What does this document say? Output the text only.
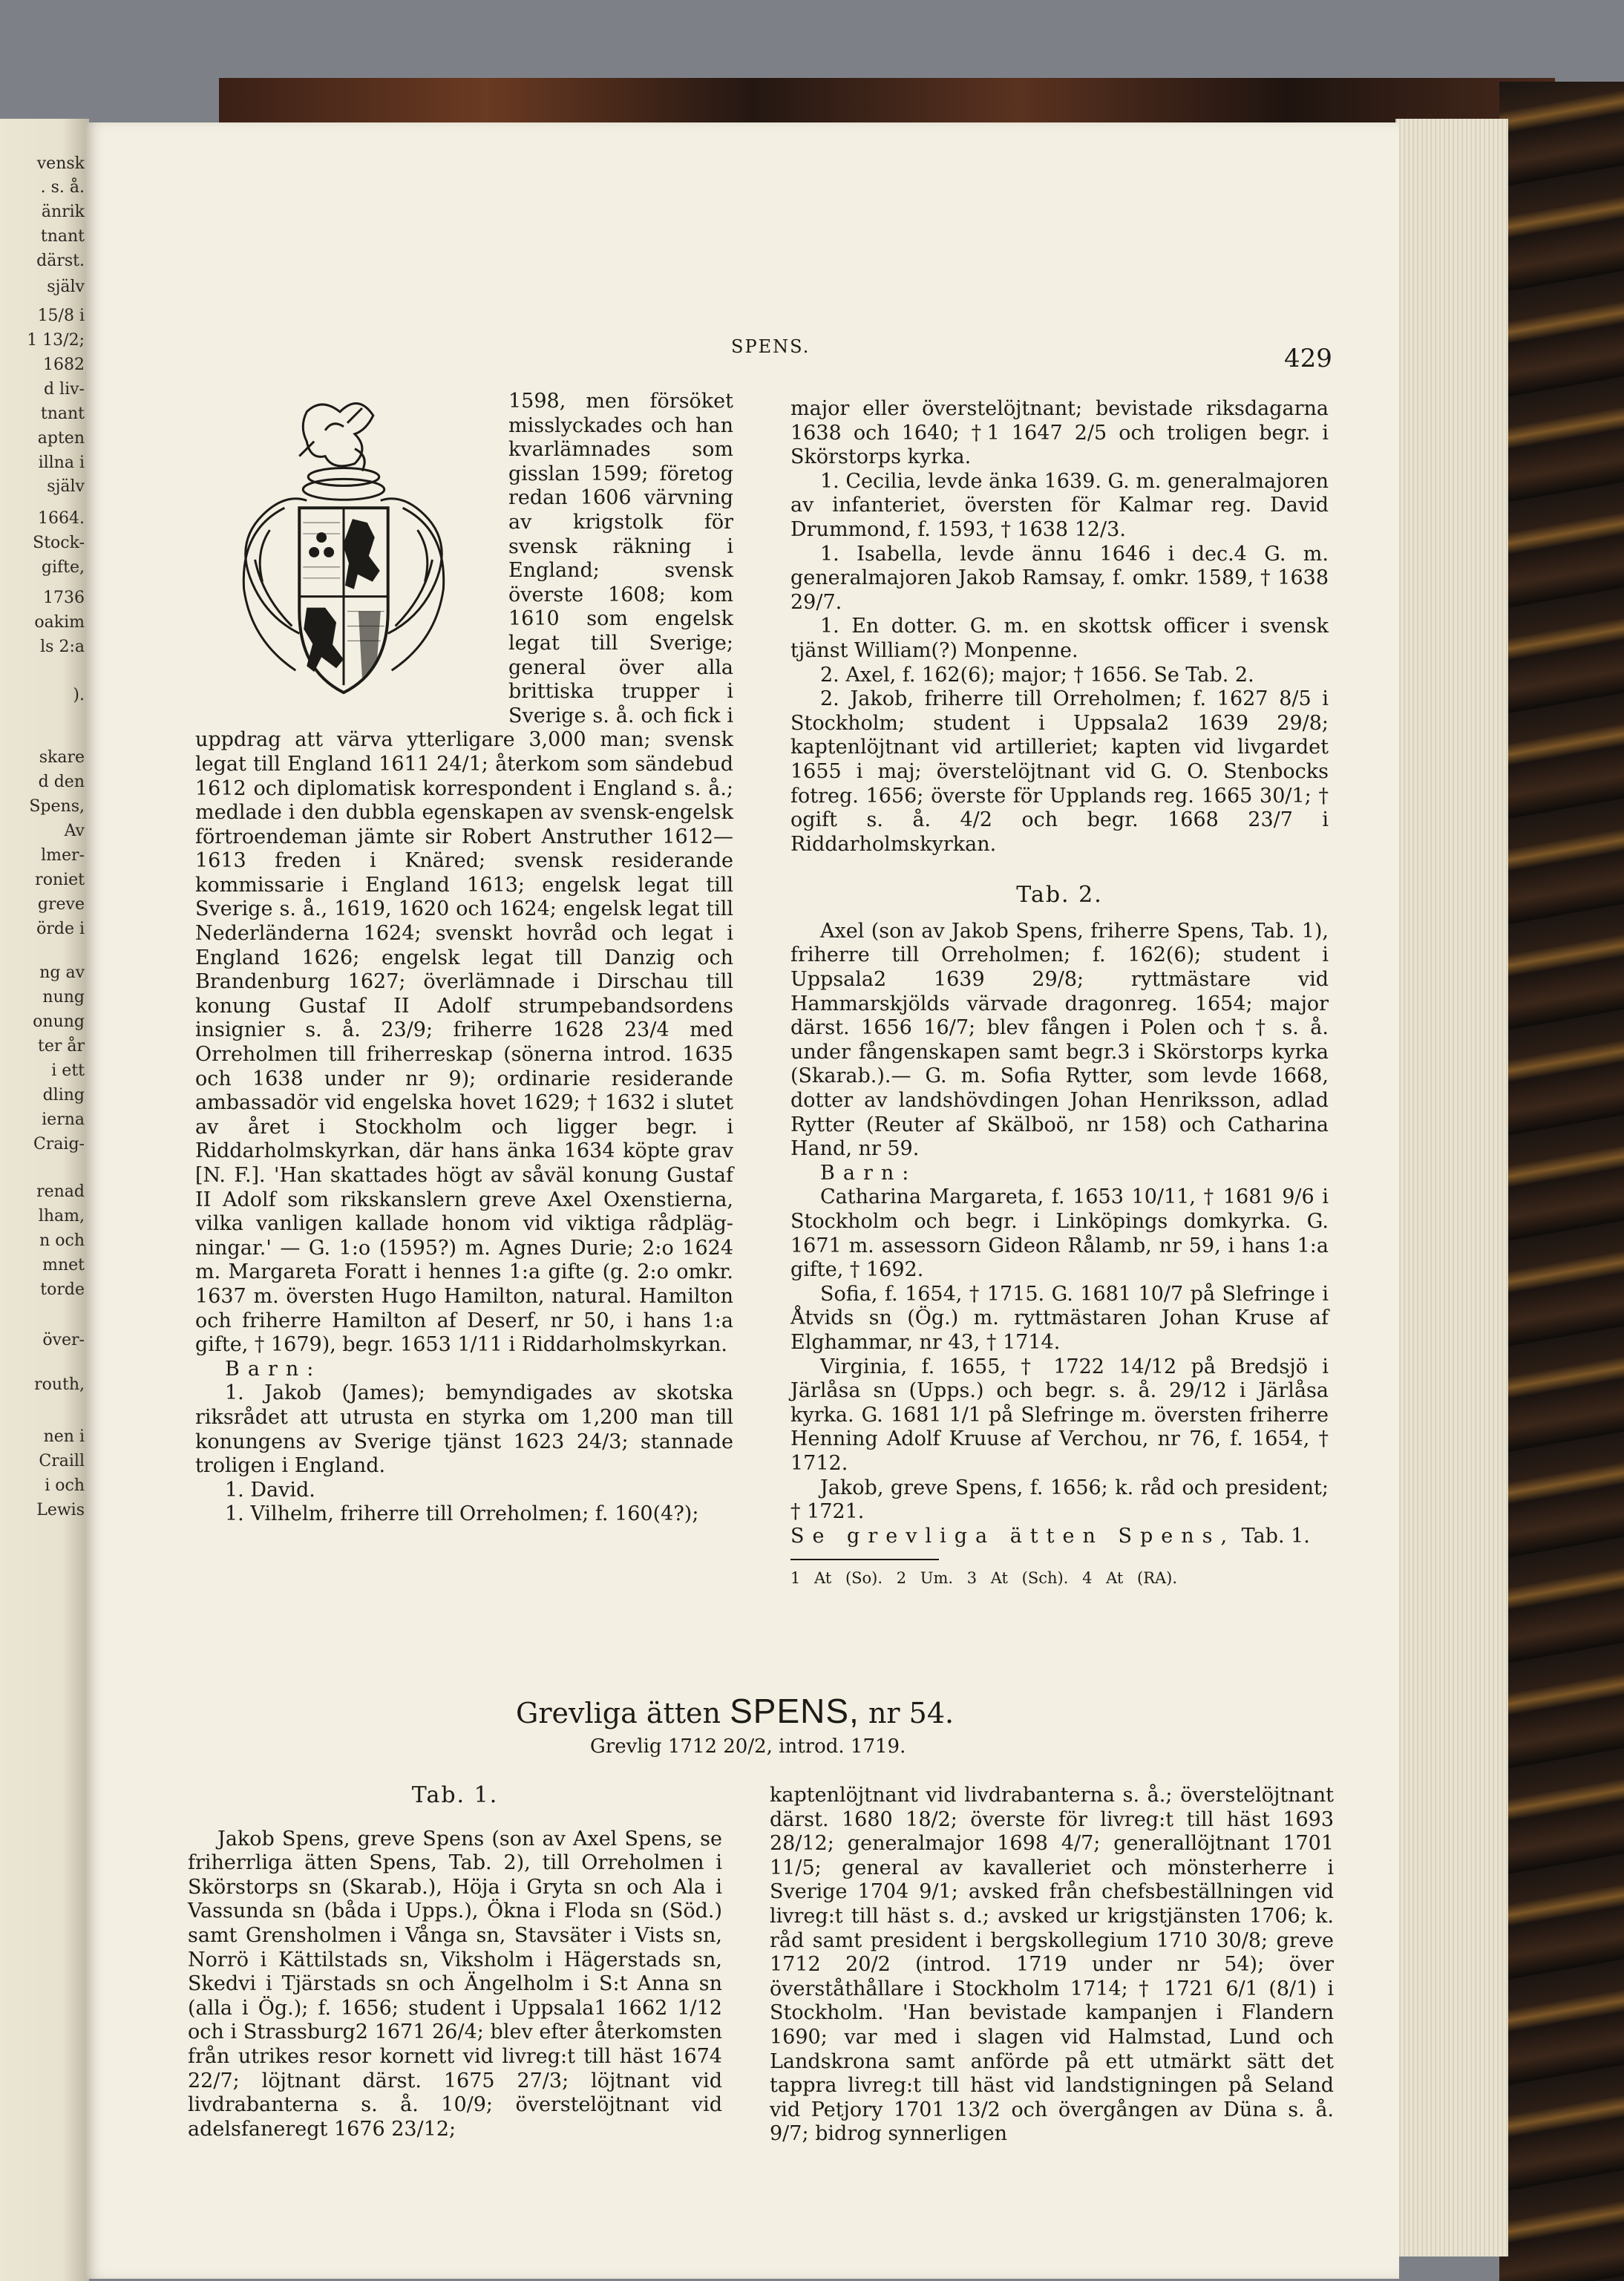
vensk
. s. å.
änrik
tnant
därst.
själv
15/8 i
1 13/2;
1682
d liv-
tnant
apten
illna i
själv
1664.
Stock-
gifte,
1736
oakim
ls 2:a
).
skare
d den
Spens,
Av
lmer-
roniet
greve
örde i
ng av
nung
onung
ter år
i ett
dling
ierna
Craig-
renad
lham,
n och
mnet
torde
över-
routh,
nen i
Craill
i och
Lewis
SPENS.	429

1598, men försöket misslyckades och han kvarlämnades som gisslan 1599; företog redan 1606 värvning av krigstolk för svensk räkning i England; svensk överste 1608; kom 1610 som engelsk legat till Sverige; general över alla brittiska trupper i Sverige s. å. och fick i uppdrag att värva ytterligare 3,000 man; svensk legat till England 1611 24/1; återkom som sändebud 1612 och diplomatisk korrespondent i England s. å.; medlade i den dubbla egenskapen av svensk-engelsk förtroendeman jämte sir Robert Anstruther 1612—1613 freden i Knäred; svensk residerande kommissarie i England 1613; engelsk legat till Sverige s. å., 1619, 1620 och 1624; engelsk legat till Nederländerna 1624; svenskt hovråd och legat i England 1626; engelsk legat till Danzig och Brandenburg 1627; överlämnade i Dirschau till konung Gustaf II Adolf strumpebandsordens insignier s. å. 23/9; friherre 1628 23/4 med Orreholmen till friherreskap (sönerna introd. 1635 och 1638 under nr 9); ordinarie residerande ambassadör vid engelska hovet 1629; † 1632 i slutet av året i Stockholm och ligger begr. i Riddarholmskyrkan, där hans änka 1634 köpte grav [N. F.]. 'Han skattades högt av såväl konung Gustaf II Adolf som rikskanslern greve Axel Oxenstierna, vilka vanligen kallade honom vid viktiga rådplägningar.' — G. 1:o (1595?) m. Agnes Durie; 2:o 1624 m. Margareta Foratt i hennes 1:a gifte (g. 2:o omkr. 1637 m. översten Hugo Hamilton, natural. Hamilton och friherre Hamilton af Deserf, nr 50, i hans 1:a gifte, † 1679), begr. 1653 1/11 i Riddarholmskyrkan.

Barn:

1. Jakob (James); bemyndigades av skotska riksrådet att utrusta en styrka om 1,200 man till konungens av Sverige tjänst 1623 24/3; stannade troligen i England.

1. David.

1. Vilhelm, friherre till Orreholmen; f. 160(4?);

major eller överstelöjtnant; bevistade riksdagarna 1638 och 1640; †1 1647 2/5 och troligen begr. i Skörstorps kyrka.

1. Cecilia, levde änka 1639. G. m. generalmajoren av infanteriet, översten för Kalmar reg. David Drummond, f. 1593, † 1638 12/3.

1. Isabella, levde ännu 1646 i dec.4 G. m. generalmajoren Jakob Ramsay, f. omkr. 1589, † 1638 29/7.

1. En dotter. G. m. en skottsk officer i svensk tjänst William(?) Monpenne.

2. Axel, f. 162(6); major; † 1656. Se Tab. 2.

2. Jakob, friherre till Orreholmen; f. 1627 8/5 i Stockholm; student i Uppsala2 1639 29/8; kaptenlöjtnant vid artilleriet; kapten vid livgardet 1655 i maj; överstelöjtnant vid G. O. Stenbocks fotreg. 1656; överste för Upplands reg. 1665 30/1; † ogift s. å. 4/2 och begr. 1668 23/7 i Riddarholmskyrkan.

Tab. 2.

Axel (son av Jakob Spens, friherre Spens, Tab. 1), friherre till Orreholmen; f. 162(6); student i Uppsala2 1639 29/8; ryttmästare vid Hammarskjölds värvade dragonreg. 1654; major därst. 1656 16/7; blev fången i Polen och † s. å. under fångenskapen samt begr.3 i Skörstorps kyrka (Skarab.).— G. m. Sofia Rytter, som levde 1668, dotter av landshövdingen Johan Henriksson, adlad Rytter (Reuter af Skälboö, nr 158) och Catharina Hand, nr 59.

Barn:

Catharina Margareta, f. 1653 10/11, † 1681 9/6 i Stockholm och begr. i Linköpings domkyrka. G. 1671 m. assessorn Gideon Rålamb, nr 59, i hans 1:a gifte, † 1692.

Sofia, f. 1654, † 1715. G. 1681 10/7 på Slefringe i Åtvids sn (Ög.) m. ryttmästaren Johan Kruse af Elghammar, nr 43, † 1714.

Virginia, f. 1655, † 1722 14/12 på Bredsjö i Järlåsa sn (Upps.) och begr. s. å. 29/12 i Järlåsa kyrka. G. 1681 1/1 på Slefringe m. översten friherre Henning Adolf Kruuse af Verchou, nr 76, f. 1654, † 1712.

Jakob, greve Spens, f. 1656; k. råd och president; † 1721.

Se grevliga ätten Spens, Tab. 1.

1 At (So). 2 Um. 3 At (Sch). 4 At (RA).
Grevliga ätten SPENS, nr 54.
Grevlig 1712 20/2, introd. 1719.
Tab. 1.

Jakob Spens, greve Spens (son av Axel Spens, se friherrliga ätten Spens, Tab. 2), till Orreholmen i Skörstorps sn (Skarab.), Höja i Gryta sn och Ala i Vassunda sn (båda i Upps.), Ökna i Floda sn (Söd.) samt Grensholmen i Vånga sn, Stavsäter i Vists sn, Norrö i Kättilstads sn, Viksholm i Hägerstads sn, Skedvi i Tjärstads sn och Ängelholm i S:t Anna sn (alla i Ög.); f. 1656; student i Uppsala1 1662 1/12 och i Strassburg2 1671 26/4; blev efter återkomsten från utrikes resor kornett vid livreg:t till häst 1674 22/7; löjtnant därst. 1675 27/3; löjtnant vid livdrabanterna s. å. 10/9; överstelöjtnant vid adelsfaneregt 1676 23/12;

kaptenlöjtnant vid livdrabanterna s. å.; överstelöjtnant därst. 1680 18/2; överste för livreg:t till häst 1693 28/12; generalmajor 1698 4/7; generallöjtnant 1701 11/5; general av kavalleriet och mönsterherre i Sverige 1704 9/1; avsked från chefsbeställningen vid livreg:t till häst s. d.; avsked ur krigstjänsten 1706; k. råd samt president i bergskollegium 1710 30/8; greve 1712 20/2 (introd. 1719 under nr 54); över överståthållare i Stockholm 1714; † 1721 6/1 (8/1) i Stockholm. 'Han bevistade kampanjen i Flandern 1690; var med i slagen vid Halmstad, Lund och Landskrona samt anförde på ett utmärkt sätt det tappra livreg:t till häst vid landstigningen på Seland vid Petjory 1701 13/2 och övergången av Düna s. å. 9/7; bidrog synnerligen
